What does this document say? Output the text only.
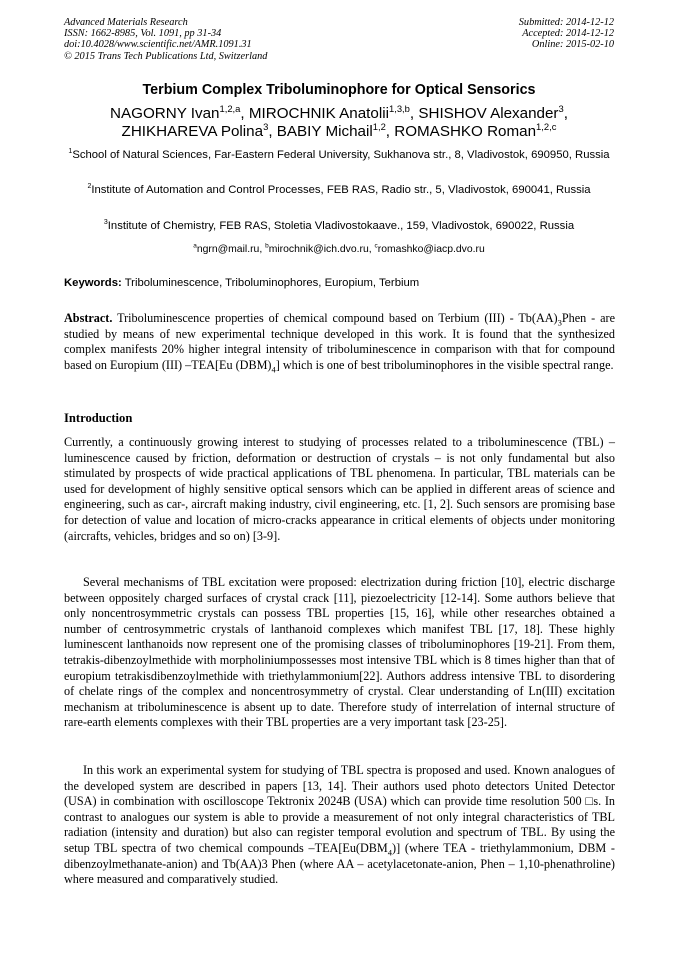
Advanced Materials Research
ISSN: 1662-8985, Vol. 1091, pp 31-34
doi:10.4028/www.scientific.net/AMR.1091.31
© 2015 Trans Tech Publications Ltd, Switzerland
Submitted: 2014-12-12
Accepted: 2014-12-12
Online: 2015-02-10
Terbium Complex Triboluminophore for Optical Sensorics
NAGORNY Ivan$^{1,2,a}$, MIROCHNIK Anatolii$^{1,3,b}$, SHISHOV Alexander$^3$,
ZHIKHAREVA Polina$^3$, BABIY Michail$^{1,2}$, ROMASHKO Roman$^{1,2,c}$
$^1$School of Natural Sciences, Far-Eastern Federal University, Sukhanova str., 8, Vladivostok, 690950, Russia
$^2$Institute of Automation and Control Processes, FEB RAS, Radio str., 5, Vladivostok, 690041, Russia
$^3$Institute of Chemistry, FEB RAS, Stoletia Vladivostokaave., 159, Vladivostok, 690022, Russia
$^a$ngrn@mail.ru, $^b$mirochnik@ich.dvo.ru, $^c$romashko@iacp.dvo.ru
Keywords: Triboluminescence, Triboluminophores, Europium, Terbium
Abstract. Triboluminescence properties of chemical compound based on Terbium $(III) - Tb(AA)_3Phen$ - are studied by means of new experimental technique developed in this work. It is found that the synthesized complex manifests 20% higher integral intensity of triboluminescence in comparison with that for compound based on Europium (III) –TEA[Eu $(DBM)_4$] which is one of best triboluminophores in the visible spectral range.
Introduction
Currently, a continuously growing interest to studying of processes related to a triboluminescence (TBL) – luminescence caused by friction, deformation or destruction of crystals – is not only fundamental but also stimulated by prospects of wide practical applications of TBL phenomena. In particular, TBL materials can be used for development of highly sensitive optical sensors which can be applied in different areas of science and engineering, such as car-, aircraft making industry, civil engineering, etc. [1, 2]. Such sensors are promising base for detection of value and location of micro-cracks appearance in critical elements of objects under monitoring (aircrafts, vehicles, bridges and so on) [3-9].
Several mechanisms of TBL excitation were proposed: electrization during friction [10], electric discharge between oppositely charged surfaces of crystal crack [11], piezoelectricity [12-14]. Some authors believe that only noncentrosymmetric crystals can possess TBL properties [15, 16], while other researches obtained a number of centrosymmetric crystals of lanthanoid complexes which manifest TBL [17, 18]. These highly luminescent lanthanoids now represent one of the promising classes of triboluminophores [19-21]. From them, tetrakis-dibenzoylmethide with morpholiniumpossesses most intensive TBL which is 8 times higher than that of europium tetrakisdibenzoylmethide with triethylammonium[22]. Authors address intensive TBL to disordering of chelate rings of the complex and noncentrosymmetry of crystal. Clear understanding of Ln(III) excitation mechanism at triboluminescence is absent up to date. Therefore study of interrelation of internal structure of rare-earth elements complexes with their TBL properties are a very important task [23-25].
In this work an experimental system for studying of TBL spectra is proposed and used. Known analogues of the developed system are described in papers [13, 14]. Their authors used photo detectors United Detector (USA) in combination with oscilloscope Tektronix 2024B (USA) which can provide time resolution 500 □s. In contrast to analogues our system is able to provide a measurement of not only integral characteristics of TBL radiation (intensity and duration) but also can register temporal evolution and spectrum of TBL. By using the setup TBL spectra of two chemical compounds $-TEA[Eu(DBM_4)]$ (where TEA - triethylammonium, DBM - dibenzoylmethanate-anion) and Tb(AA)3 Phen (where AA – acetylacetonate-anion, Phen – 1,10-phenathroline) where measured and comparatively studied.
